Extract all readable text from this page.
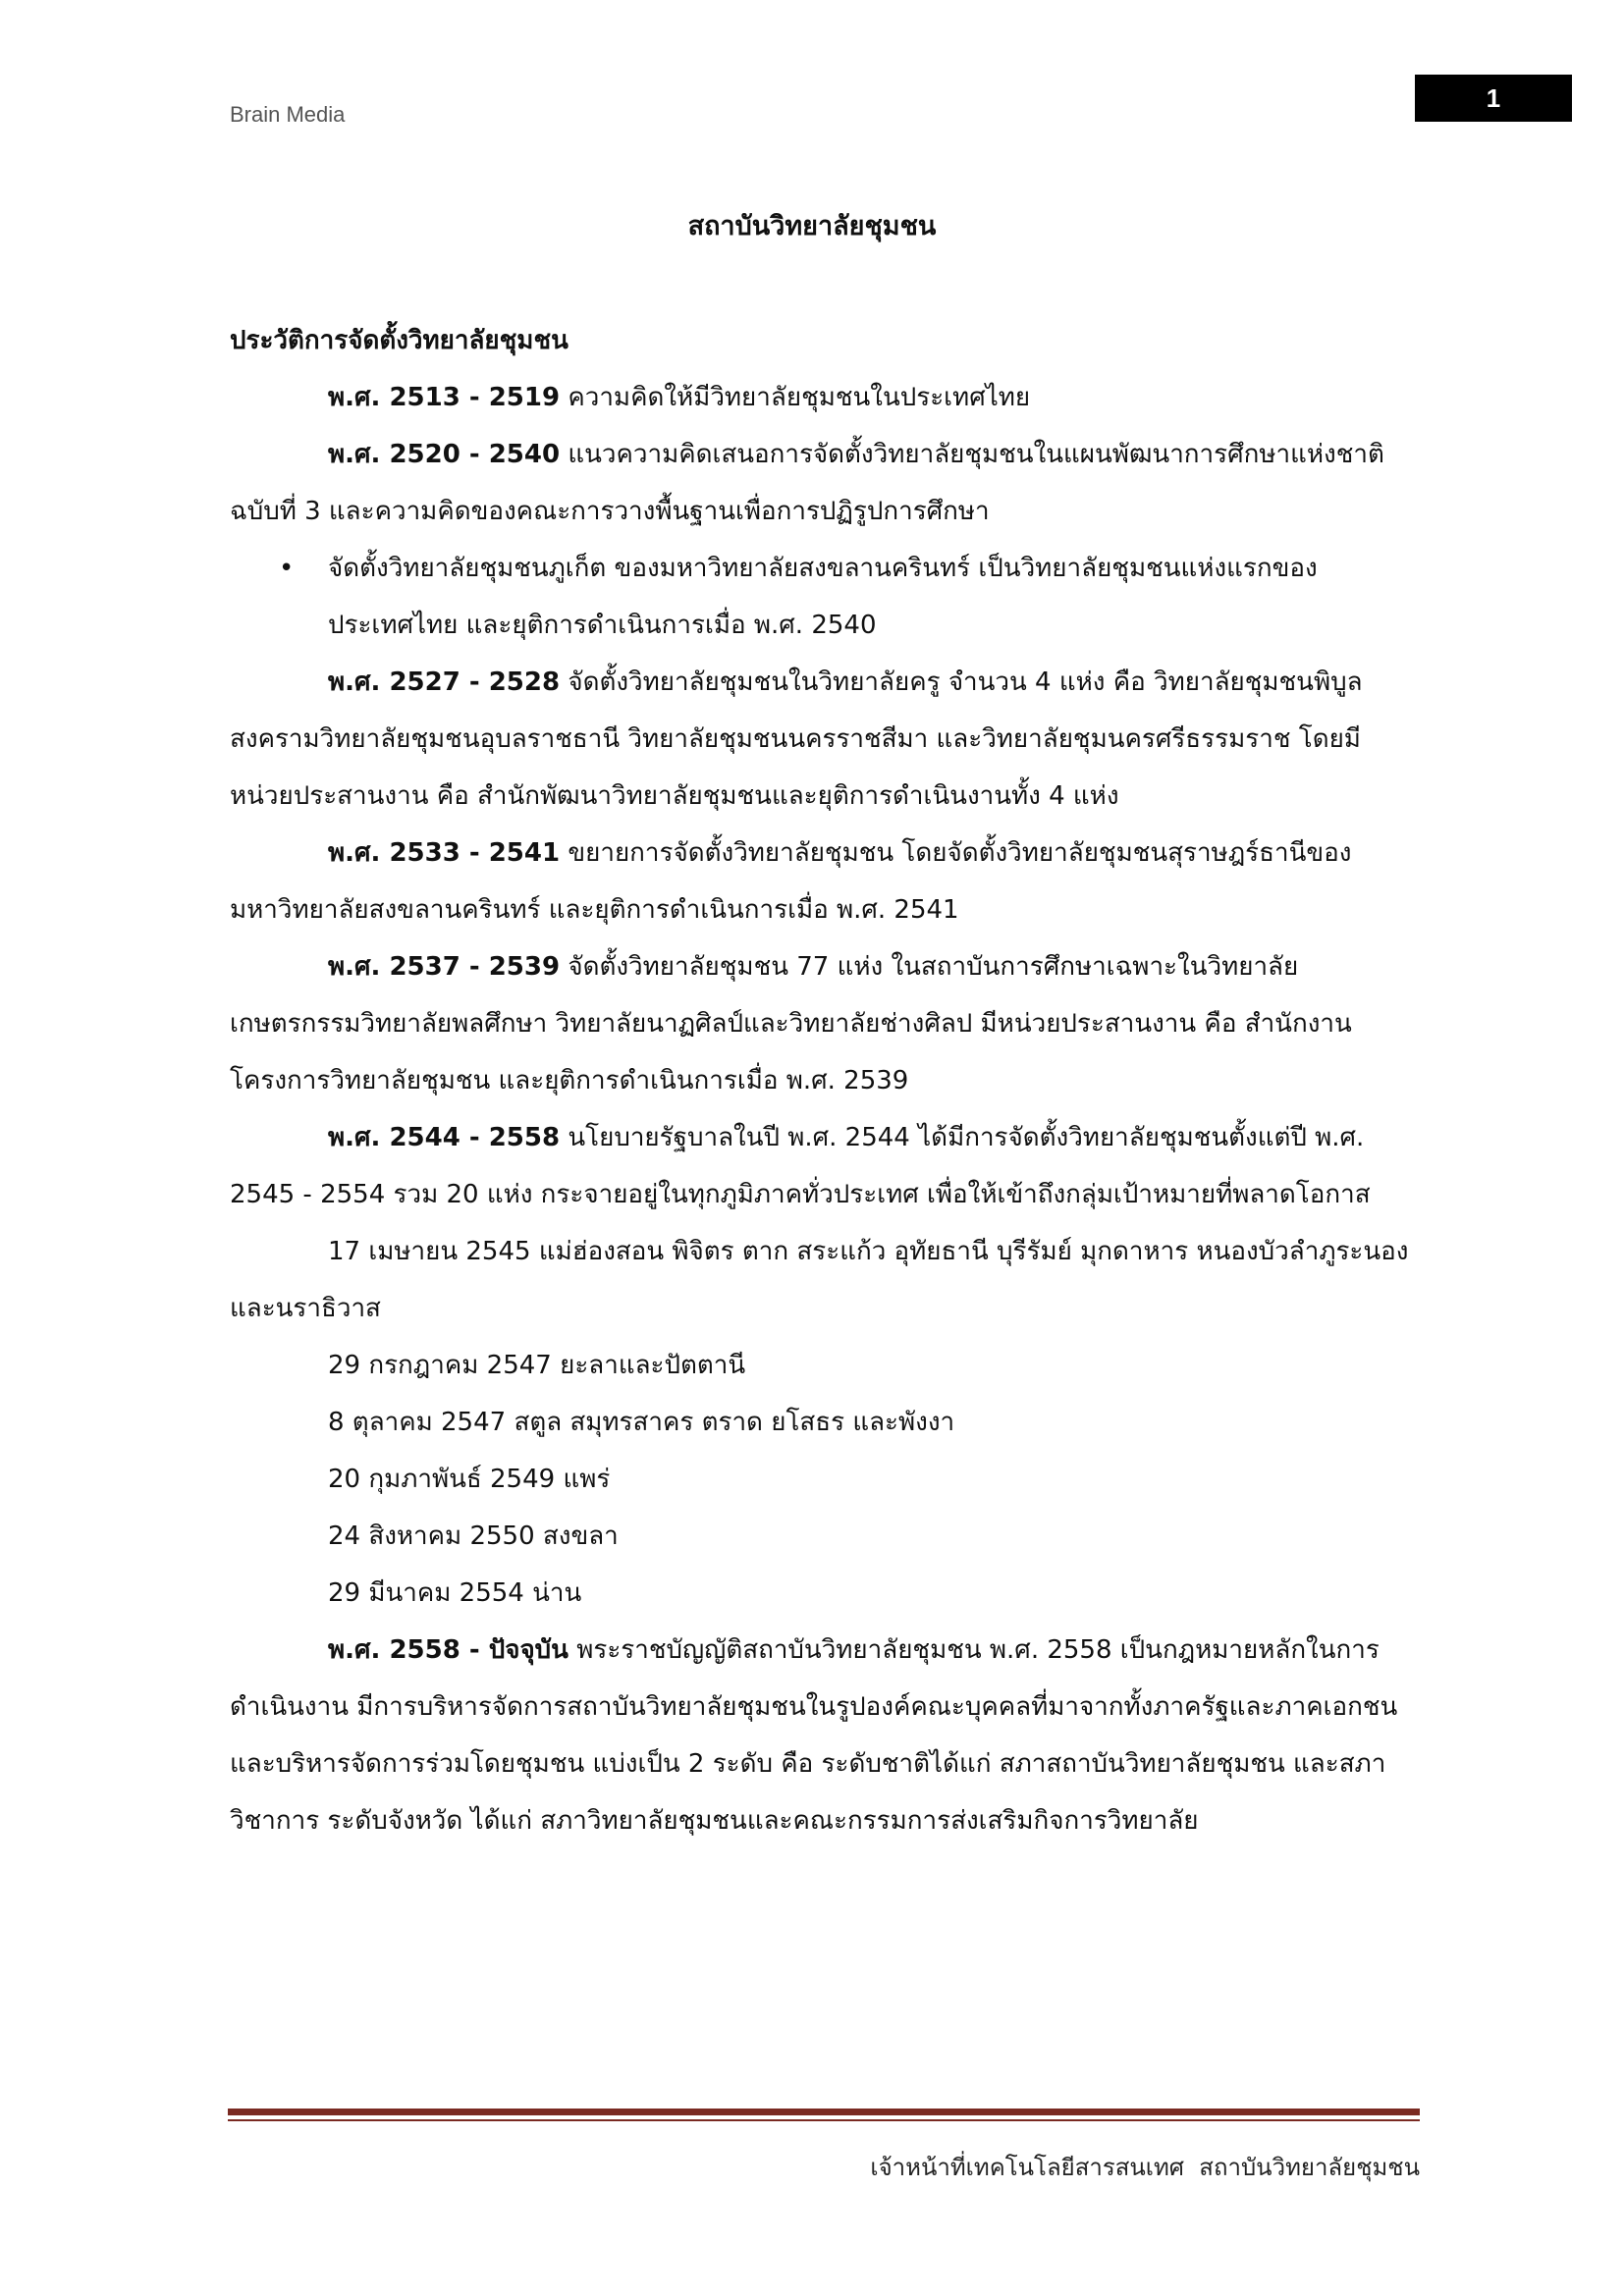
Brain Media
1
สถาบันวิทยาลัยชุมชน

ประวัติการจัดตั้งวิทยาลัยชุมชน

พ.ศ. 2513 - 2519 ความคิดให้มีวิทยาลัยชุมชนในประเทศไทย

พ.ศ. 2520 - 2540 แนวความคิดเสนอการจัดตั้งวิทยาลัยชุมชนในแผนพัฒนาการศึกษาแห่งชาติ ฉบับที่ 3 และความคิดของคณะการวางพื้นฐานเพื่อการปฏิรูปการศึกษา

•	จัดตั้งวิทยาลัยชุมชนภูเก็ต ของมหาวิทยาลัยสงขลานครินทร์ เป็นวิทยาลัยชุมชนแห่งแรกของประเทศไทย และยุติการดำเนินการเมื่อ พ.ศ. 2540

พ.ศ. 2527 - 2528 จัดตั้งวิทยาลัยชุมชนในวิทยาลัยครู จำนวน 4 แห่ง คือ วิทยาลัยชุมชนพิบูลสงครามวิทยาลัยชุมชนอุบลราชธานี วิทยาลัยชุมชนนครราชสีมา และวิทยาลัยชุมนครศรีธรรมราช โดยมีหน่วยประสานงาน คือ สำนักพัฒนาวิทยาลัยชุมชนและยุติการดำเนินงานทั้ง 4 แห่ง

พ.ศ. 2533 - 2541 ขยายการจัดตั้งวิทยาลัยชุมชน โดยจัดตั้งวิทยาลัยชุมชนสุราษฎร์ธานีของมหาวิทยาลัยสงขลานครินทร์ และยุติการดำเนินการเมื่อ พ.ศ. 2541

พ.ศ. 2537 - 2539 จัดตั้งวิทยาลัยชุมชน 77 แห่ง ในสถาบันการศึกษาเฉพาะในวิทยาลัยเกษตรกรรมวิทยาลัยพลศึกษา วิทยาลัยนาฏศิลป์และวิทยาลัยช่างศิลป มีหน่วยประสานงาน คือ สำนักงานโครงการวิทยาลัยชุมชน และยุติการดำเนินการเมื่อ พ.ศ. 2539

พ.ศ. 2544 - 2558 นโยบายรัฐบาลในปี พ.ศ. 2544 ได้มีการจัดตั้งวิทยาลัยชุมชนตั้งแต่ปี พ.ศ. 2545 - 2554 รวม 20 แห่ง กระจายอยู่ในทุกภูมิภาคทั่วประเทศ เพื่อให้เข้าถึงกลุ่มเป้าหมายที่พลาดโอกาส

17 เมษายน 2545 แม่ฮ่องสอน พิจิตร ตาก สระแก้ว อุทัยธานี บุรีรัมย์ มุกดาหาร หนองบัวลำภูระนอง และนราธิวาส

29 กรกฎาคม 2547 ยะลาและปัตตานี

8 ตุลาคม 2547 สตูล สมุทรสาคร ตราด ยโสธร และพังงา

20 กุมภาพันธ์ 2549 แพร่

24 สิงหาคม 2550 สงขลา

29 มีนาคม 2554 น่าน

พ.ศ. 2558 - ปัจจุบัน พระราชบัญญัติสถาบันวิทยาลัยชุมชน พ.ศ. 2558 เป็นกฎหมายหลักในการดำเนินงาน มีการบริหารจัดการสถาบันวิทยาลัยชุมชนในรูปองค์คณะบุคคลที่มาจากทั้งภาครัฐและภาคเอกชน และบริหารจัดการร่วมโดยชุมชน แบ่งเป็น 2 ระดับ คือ ระดับชาติได้แก่ สภาสถาบันวิทยาลัยชุมชน และสภาวิชาการ ระดับจังหวัด ได้แก่ สภาวิทยาลัยชุมชนและคณะกรรมการส่งเสริมกิจการวิทยาลัย

เจ้าหน้าที่เทคโนโลยีสารสนเทศ  สถาบันวิทยาลัยชุมชน
